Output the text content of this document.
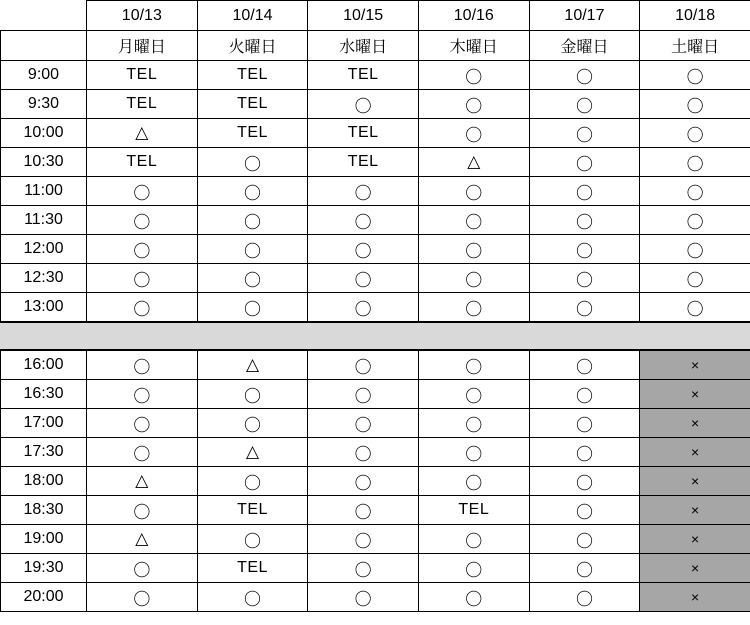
	10/13	10/14	10/15	10/16	10/17	10/18
	月曜日	火曜日	水曜日	木曜日	金曜日	土曜日
9:00	TEL	TEL	TEL	〇	〇	〇
9:30	TEL	TEL	〇	〇	〇	〇
10:00	△	TEL	TEL	〇	〇	〇
10:30	TEL	〇	TEL	△	〇	〇
11:00	〇	〇	〇	〇	〇	〇
11:30	〇	〇	〇	〇	〇	〇
12:00	〇	〇	〇	〇	〇	〇
12:30	〇	〇	〇	〇	〇	〇
13:00	〇	〇	〇	〇	〇	〇

16:00	〇	△	〇	〇	〇	×
16:30	〇	〇	〇	〇	〇	×
17:00	〇	〇	〇	〇	〇	×
17:30	〇	△	〇	〇	〇	×
18:00	△	〇	〇	〇	〇	×
18:30	〇	TEL	〇	TEL	〇	×
19:00	△	〇	〇	〇	〇	×
19:30	〇	TEL	〇	〇	〇	×
20:00	〇	〇	〇	〇	〇	×
